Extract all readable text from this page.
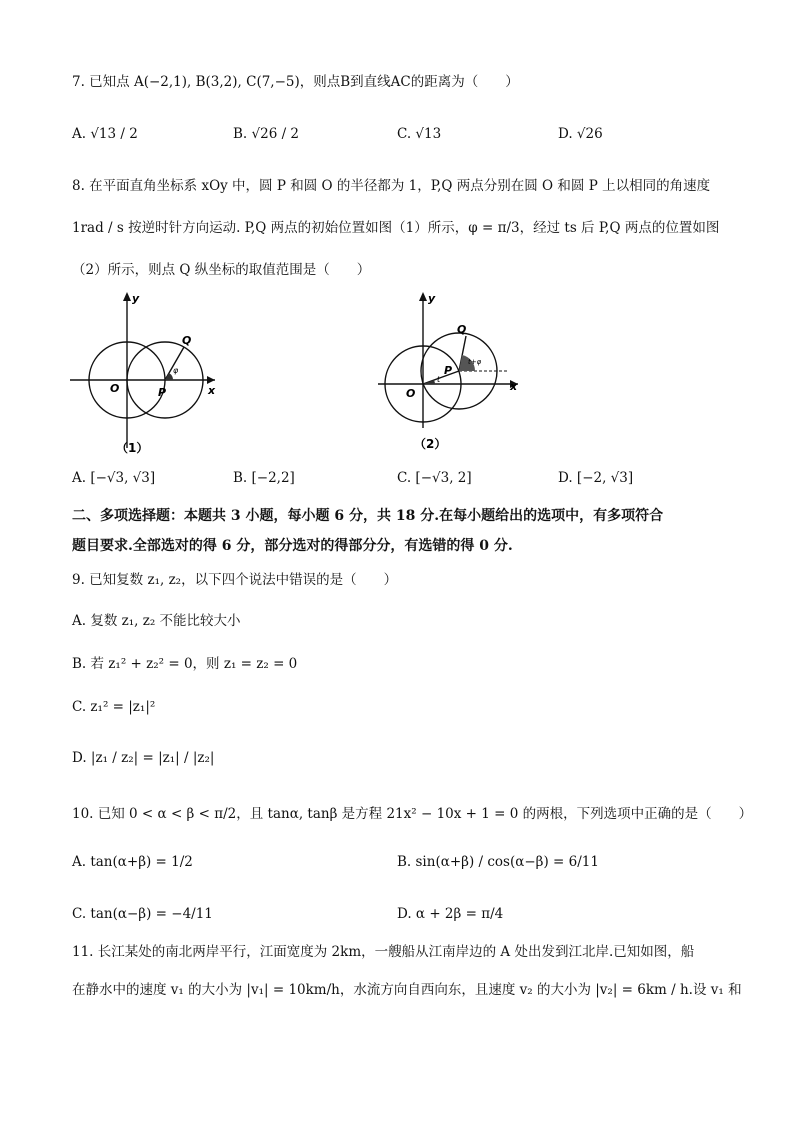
7. 已知点 A(−2,1), B(3,2), C(7,−5)，则点B到直线AC的距离为（　　）
A. √13 / 2	B. √26 / 2	C. √13	D. √26
8. 在平面直角坐标系 xOy 中，圆 P 和圆 O 的半径都为 1，P,Q 两点分别在圆 O 和圆 P 上以相同的角速度
1rad / s 按逆时针方向运动. P,Q 两点的初始位置如图（1）所示，φ = π/3，经过 ts 后 P,Q 两点的位置如图
（2）所示，则点 Q 纵坐标的取值范围是（　　）
O	P
Q
φ
x
y
（1）
O
P
Q
t+φ
t
x
y
（2）
A. [−√3, √3]	B. [−2,2]	C. [−√3, 2]	D. [−2, √3]
二、多项选择题：本题共 3 小题，每小题 6 分，共 18 分.在每小题给出的选项中，有多项符合
题目要求.全部选对的得 6 分，部分选对的得部分分，有选错的得 0 分.
9. 已知复数 z₁, z₂，以下四个说法中错误的是（　　）
A. 复数 z₁, z₂ 不能比较大小
B. 若 z₁² + z₂² = 0，则 z₁ = z₂ = 0
C. z₁² = |z₁|²
D. |z₁ / z₂| = |z₁| / |z₂|
10. 已知 0 < α < β < π/2，且 tanα, tanβ 是方程 21x² − 10x + 1 = 0 的两根，下列选项中正确的是（　　）
A. tan(α+β) = 1/2	B. sin(α+β) / cos(α−β) = 6/11
C. tan(α−β) = −4/11	D. α + 2β = π/4
11. 长江某处的南北两岸平行，江面宽度为 2km，一艘船从江南岸边的 A 处出发到江北岸.已知如图，船
在静水中的速度 v₁ 的大小为 |v₁| = 10km/h，水流方向自西向东，且速度 v₂ 的大小为 |v₂| = 6km / h.设 v₁ 和
